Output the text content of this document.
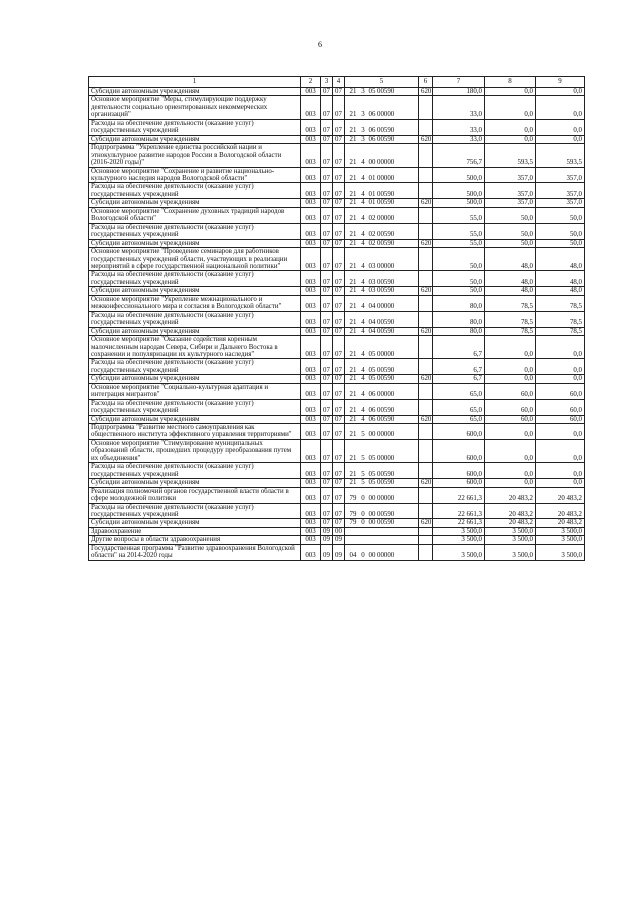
6
1	2	3	4	5	6	7	8	9
Субсидии автономным учреждениям	003	07	07	21 3 05 00590	620	180,0	0,0	0,0
Основное мероприятие "Меры, стимулирующие поддержку деятельности социально ориентированных некоммерческих организаций"	003	07	07	21 3 06 00000		33,0	0,0	0,0
Расходы на обеспечение деятельности (оказание услуг) государственных учреждений	003	07	07	21 3 06 00590		33,0	0,0	0,0
Субсидии автономным учреждениям	003	07	07	21 3 06 00590	620	33,0	0,0	0,0
Подпрограмма "Укрепление единства российской нации и этнокультурное развитие народов России в Вологодской области (2016-2020 годы)"	003	07	07	21 4 00 00000		756,7	593,5	593,5
Основное мероприятие "Сохранение и развитие национально-культурного наследия народов Вологодской области"	003	07	07	21 4 01 00000		500,0	357,0	357,0
Расходы на обеспечение деятельности (оказание услуг) государственных учреждений	003	07	07	21 4 01 00590		500,0	357,0	357,0
Субсидии автономным учреждениям	003	07	07	21 4 01 00590	620	500,0	357,0	357,0
Основное мероприятие "Сохранение духовных традиций народов Вологодской области"	003	07	07	21 4 02 00000		55,0	50,0	50,0
Расходы на обеспечение деятельности (оказание услуг) государственных учреждений	003	07	07	21 4 02 00590		55,0	50,0	50,0
Субсидии автономным учреждениям	003	07	07	21 4 02 00590	620	55,0	50,0	50,0
Основное мероприятие "Проведение семинаров для работников государственных учреждений области, участвующих в реализации мероприятий в сфере государственной национальной политики"	003	07	07	21 4 03 00000		50,0	48,0	48,0
Расходы на обеспечение деятельности (оказание услуг) государственных учреждений	003	07	07	21 4 03 00590		50,0	48,0	48,0
Субсидии автономным учреждениям	003	07	07	21 4 03 00590	620	50,0	48,0	48,0
Основное мероприятие "Укрепление межнационального и межконфессионального мира и согласия в Вологодской области"	003	07	07	21 4 04 00000		80,0	78,5	78,5
Расходы на обеспечение деятельности (оказание услуг) государственных учреждений	003	07	07	21 4 04 00590		80,0	78,5	78,5
Субсидии автономным учреждениям	003	07	07	21 4 04 00590	620	80,0	78,5	78,5
Основное мероприятие "Оказание содействия коренным малочисленным народам Севера, Сибири и Дальнего Востока в сохранении и популяризации их культурного наследия"	003	07	07	21 4 05 00000		6,7	0,0	0,0
Расходы на обеспечение деятельности (оказание услуг) государственных учреждений	003	07	07	21 4 05 00590		6,7	0,0	0,0
Субсидии автономным учреждениям	003	07	07	21 4 05 00590	620	6,7	0,0	0,0
Основное мероприятие "Социально-культурная адаптация и интеграция мигрантов"	003	07	07	21 4 06 00000		65,0	60,0	60,0
Расходы на обеспечение деятельности (оказание услуг) государственных учреждений	003	07	07	21 4 06 00590		65,0	60,0	60,0
Субсидии автономным учреждениям	003	07	07	21 4 06 00590	620	65,0	60,0	60,0
Подпрограмма "Развитие местного самоуправления как общественного института эффективного управления территориями"	003	07	07	21 5 00 00000		600,0	0,0	0,0
Основное мероприятие "Стимулирование муниципальных образований области, прошедших процедуру преобразования путем их объединения"	003	07	07	21 5 05 00000		600,0	0,0	0,0
Расходы на обеспечение деятельности (оказание услуг) государственных учреждений	003	07	07	21 5 05 00590		600,0	0,0	0,0
Субсидии автономным учреждениям	003	07	07	21 5 05 00590	620	600,0	0,0	0,0
Реализация полномочий органов государственной власти области в сфере молодежной политики	003	07	07	79 0 00 00000		22 661,3	20 483,2	20 483,2
Расходы на обеспечение деятельности (оказание услуг) государственных учреждений	003	07	07	79 0 00 00590		22 661,3	20 483,2	20 483,2
Субсидии автономным учреждениям	003	07	07	79 0 00 00590	620	22 661,3	20 483,2	20 483,2
Здравоохранение	003	09	00			3 500,0	3 500,0	3 500,0
Другие вопросы в области здравоохранения	003	09	09			3 500,0	3 500,0	3 500,0
Государственная программа "Развитие здравоохранения Вологодской области" на 2014-2020 годы	003	09	09	04 0 00 00000		3 500,0	3 500,0	3 500,0
